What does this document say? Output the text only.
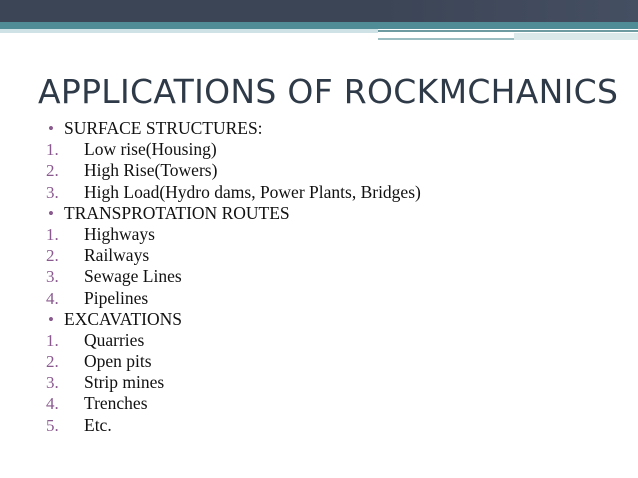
APPLICATIONS OF ROCKMCHANICS
• SURFACE STRUCTURES:
1. Low rise(Housing)
2. High Rise(Towers)
3. High Load(Hydro dams, Power Plants, Bridges)
• TRANSPROTATION ROUTES
1. Highways
2. Railways
3. Sewage Lines
4. Pipelines
• EXCAVATIONS
1. Quarries
2. Open pits
3. Strip mines
4. Trenches
5. Etc.
